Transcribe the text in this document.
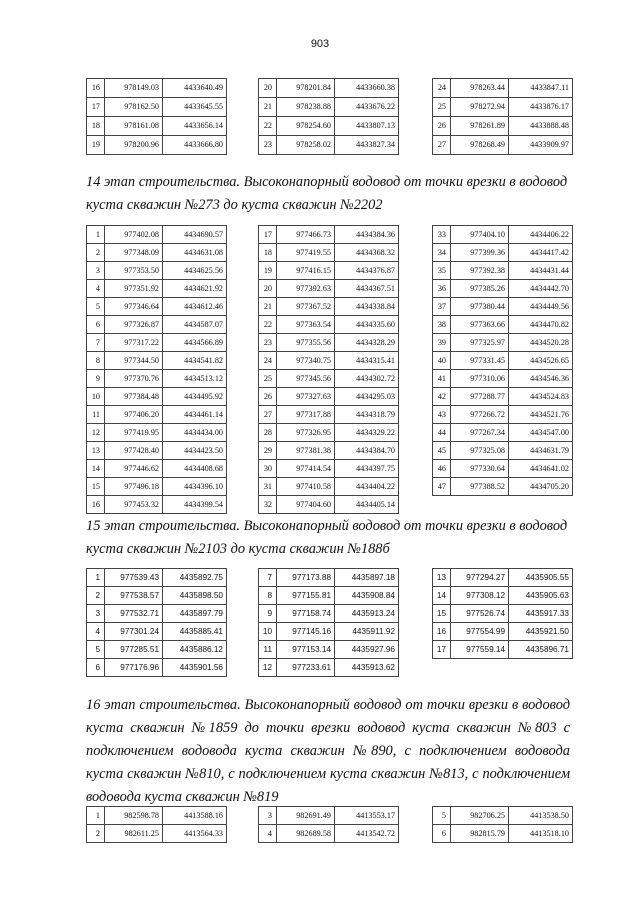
903
16	978149.03	4433640.49
17	978162.50	4433645.55
18	978161.08	4433656.14
19	978200.96	4433666.80
20	978201.84	4433660.38
21	978238.88	4433676.22
22	978254.60	4433807.13
23	978258.02	4433827.34
24	978263.44	4433847.11
25	978272.94	4433876.17
26	978261.89	4433888.48
27	978268.49	4433909.97

14 этап строительства. Высоконапорный водовод от точки врезки в водовод куста скважин №273 до куста скважин №2202

1	977402.08	4434690.57
2	977348.09	4434631.08
3	977353.50	4434625.56
4	977351.92	4434621.92
5	977346.64	4434612.46
6	977326.87	4434587.07
7	977317.22	4434566.89
8	977344.50	4434541.82
9	977370.76	4434513.12
10	977384.48	4434495.92
11	977406.20	4434461.14
12	977419.95	4434434.00
13	977428.40	4434423.50
14	977446.62	4434408.68
15	977496.18	4434396.10
16	977453.32	4434399.54
17	977466.73	4434384.36
18	977419.55	4434368.32
19	977416.15	4434376.87
20	977392.63	4434367.51
21	977367.52	4434338.84
22	977363.54	4434335.60
23	977355.56	4434328.29
24	977340.75	4434315.41
25	977345.56	4434302.72
26	977327.63	4434295.03
27	977317.88	4434318.79
28	977326.95	4434329.22
29	977381.38	4434384.70
30	977414.54	4434397.75
31	977410.58	4434404.22
32	977404.60	4434405.14
33	977404.10	4434406.22
34	977399.36	4434417.42
35	977392.38	4434431.44
36	977385.26	4434442.70
37	977380.44	4434449.56
38	977363.66	4434470.82
39	977325.97	4434520.28
40	977331.45	4434526.65
41	977310.06	4434546.36
42	977288.77	4434524.83
43	977266.72	4434521.76
44	977267.34	4434547.00
45	977325.08	4434631.79
46	977330.64	4434641.02
47	977388.52	4434705.20

15 этап строительства. Высоконапорный водовод от точки врезки в водовод куста скважин №2103 до куста скважин №188б

1	977539.43	4435892.75
2	977538.57	4435898.50
3	977532.71	4435897.79
4	977301.24	4435885.41
5	977285.51	4435886.12
6	977176.96	4435901.56
7	977173.88	4435897.18
8	977155.81	4435908.84
9	977158.74	4435913.24
10	977145.16	4435911.92
11	977153.14	4435927.96
12	977233.61	4435913.62
13	977294.27	4435905.55
14	977308.12	4435905.63
15	977526.74	4435917.33
16	977554.99	4435921.50
17	977559.14	4435896.71

16 этап строительства. Высоконапорный водовод от точки врезки в водовод куста скважин №1859 до точки врезки водовод куста скважин №803 с подключением водовода куста скважин №890, с подключением водовода куста скважин №810, с подключением куста скважин №813, с подключением водовода куста скважин №819

1	982598.78	4413588.16
2	982611.25	4413564.33
3	982691.49	4413553.17
4	982689.58	4413542.72
5	982706.25	4413538.50
6	982815.79	4413518.10
